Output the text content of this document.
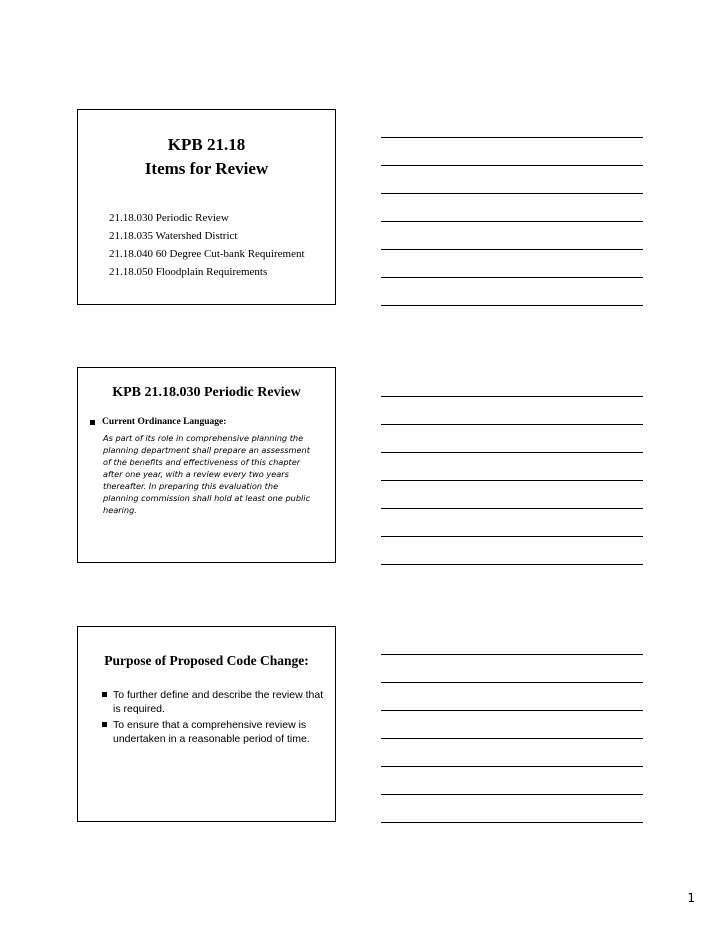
KPB 21.18
Items for Review
21.18.030 Periodic Review
21.18.035 Watershed District
21.18.040 60 Degree Cut-bank Requirement
21.18.050 Floodplain Requirements
KPB 21.18.030 Periodic Review
Current Ordinance Language:
As part of its role in comprehensive planning the
planning department shall prepare an assessment
of the benefits and effectiveness of this chapter
after one year, with a review every two years
thereafter. In preparing this evaluation the
planning commission shall hold at least one public
hearing.
Purpose of Proposed Code Change:
To further define and describe the review that is required.
To ensure that a comprehensive review is undertaken in a reasonable period of time.
1
